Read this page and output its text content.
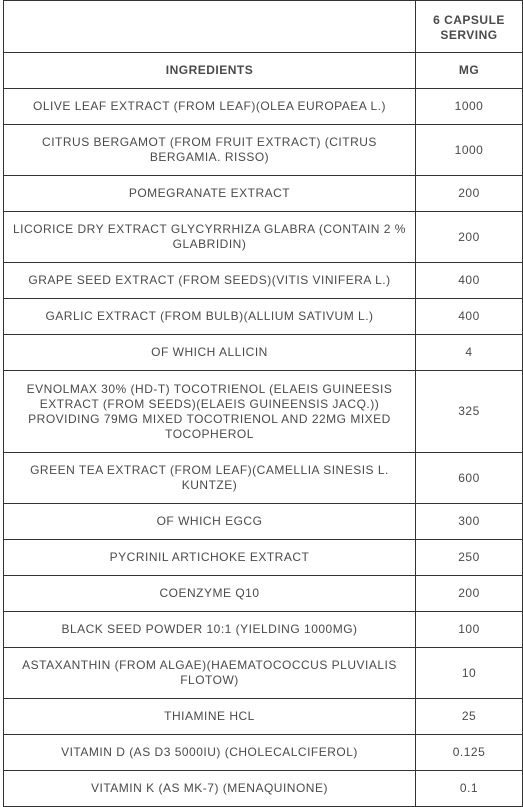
	6 CAPSULE
SERVING
INGREDIENTS	MG
OLIVE LEAF EXTRACT (FROM LEAF)(OLEA EUROPAEA L.)	1000
CITRUS BERGAMOT (FROM FRUIT EXTRACT) (CITRUS BERGAMIA. RISSO)	1000
POMEGRANATE EXTRACT	200
LICORICE DRY EXTRACT GLYCYRRHIZA GLABRA (CONTAIN 2 % GLABRIDIN)	200
GRAPE SEED EXTRACT (FROM SEEDS)(VITIS VINIFERA L.)	400
GARLIC EXTRACT (FROM BULB)(ALLIUM SATIVUM L.)	400
OF WHICH ALLICIN	4
EVNOLMAX 30% (HD-T) TOCOTRIENOL (ELAEIS GUINEESIS EXTRACT (FROM SEEDS)(ELAEIS GUINEENSIS JACQ.)) PROVIDING 79MG MIXED TOCOTRIENOL AND 22MG MIXED TOCOPHEROL	325
GREEN TEA EXTRACT (FROM LEAF)(CAMELLIA SINESIS L. KUNTZE)	600
OF WHICH EGCG	300
PYCRINIL ARTICHOKE EXTRACT	250
COENZYME Q10	200
BLACK SEED POWDER 10:1 (YIELDING 1000MG)	100
ASTAXANTHIN (FROM ALGAE)(HAEMATOCOCCUS PLUVIALIS FLOTOW)	10
THIAMINE HCL	25
VITAMIN D (AS D3 5000IU) (CHOLECALCIFEROL)	0.125
VITAMIN K (AS MK-7) (MENAQUINONE)	0.1
